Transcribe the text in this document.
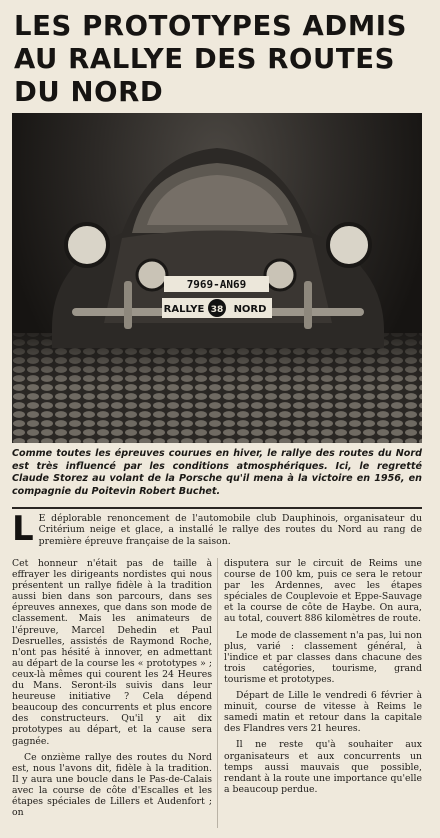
LES PROTOTYPES ADMIS AU RALLYE DES ROUTES DU NORD
7969-AN69
RALLYE 38 NORD

Comme toutes les épreuves courues en hiver, le rallye des routes du Nord est très influencé par les conditions atmosphériques. Ici, le regretté Claude Storez au volant de la Porsche qu'il mena à la victoire en 1956, en compagnie du Poitevin Robert Buchet.

L E déplorable renoncement de l'automobile club Dauphinois, organisateur du Critérium neige et glace, a installé le rallye des routes du Nord au rang de première épreuve française de la saison.

Cet honneur n'était pas de taille à effrayer les dirigeants nordistes qui nous présentent un rallye fidèle à la tradition aussi bien dans son parcours, dans ses épreuves annexes, que dans son mode de classement. Mais les animateurs de l'épreuve, Marcel Dehedin et Paul Desruelles, assistés de Raymond Roche, n'ont pas hésité à innover, en admettant au départ de la course les « prototypes » ; ceux-là mêmes qui courent les 24 Heures du Mans. Seront-ils suivis dans leur heureuse initiative ? Cela dépend beaucoup des concurrents et plus encore des constructeurs. Qu'il y ait dix prototypes au départ, et la cause sera gagnée.

Ce onzième rallye des routes du Nord est, nous l'avons dit, fidèle à la tradition. Il y aura une boucle dans le Pas-de-Calais avec la course de côte d'Escalles et les étapes spéciales de Lillers et Audenfort ; on

disputera sur le circuit de Reims une course de 100 km, puis ce sera le retour par les Ardennes, avec les étapes spéciales de Couplevoie et Eppe-Sauvage et la course de côte de Haybe. On aura, au total, couvert 886 kilomètres de route.

Le mode de classement n'a pas, lui non plus, varié : classement général, à l'indice et par classes dans chacune des trois catégories, tourisme, grand tourisme et prototypes.

Départ de Lille le vendredi 6 février à minuit, course de vitesse à Reims le samedi matin et retour dans la capitale des Flandres vers 21 heures.

Il ne reste qu'à souhaiter aux organisateurs et aux concurrents un temps aussi mauvais que possible, rendant à la route une importance qu'elle a beaucoup perdue.
